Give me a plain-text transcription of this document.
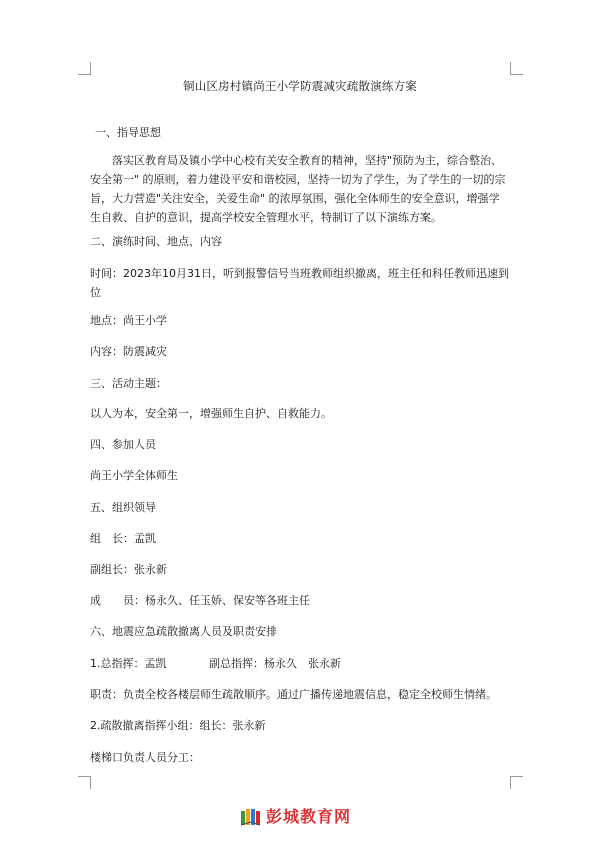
铜山区房村镇尚王小学防震减灾疏散演练方案
一、指导思想
落实区教育局及镇小学中心校有关安全教育的精神，坚持"预防为主，综合整治、
安全第一" 的原则，着力建设平安和谐校园，坚持一切为了学生，为了学生的一切的宗
旨，大力营造"关注安全，关爱生命" 的浓厚氛围，强化全体师生的安全意识，增强学
生自救、自护的意识，提高学校安全管理水平，特制订了以下演练方案。
二、演练时间、地点、内容
时间：2023年10月31日，听到报警信号当班教师组织撤离，班主任和科任教师迅速到
位
地点：尚王小学
内容：防震减灾
三、活动主题：
以人为本，安全第一，增强师生自护、自救能力。
四、参加人员
尚王小学全体师生
五、组织领导
组　长：孟凯
副组长：张永新
成　　员： 杨永久、任玉娇、保安等各班主任
六、地震应急疏散撤离人员及职责安排
1.总指挥：孟凯	副总指挥：杨永久　张永新
职责：负责全校各楼层师生疏散顺序。通过广播传递地震信息，稳定全校师生情绪。
2.疏散撤离指挥小组：组长：张永新
楼梯口负责人员分工：
彭城教育网
